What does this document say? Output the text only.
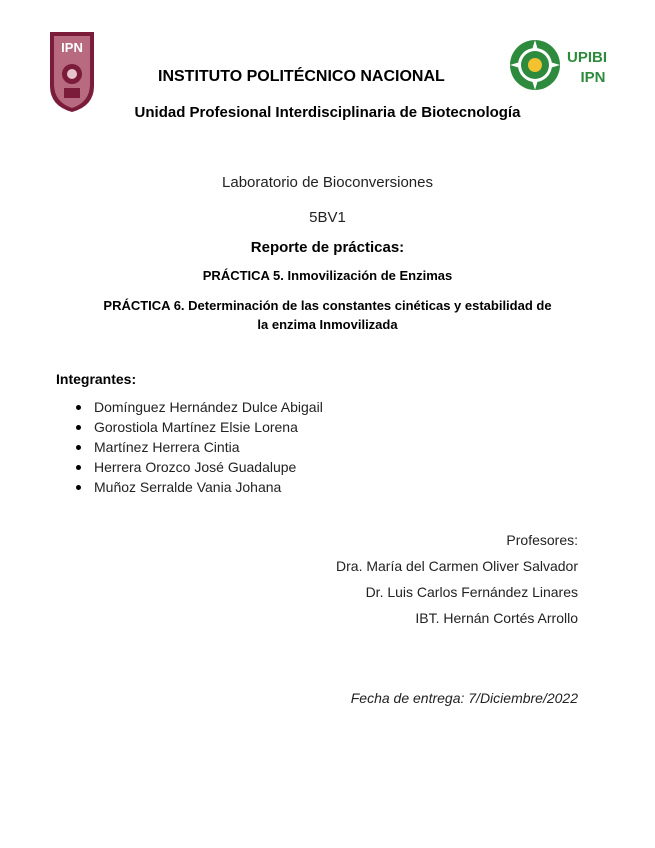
IPN
UPIBI
IPN
INSTITUTO POLITÉCNICO NACIONAL
Unidad Profesional Interdisciplinaria de Biotecnología
Laboratorio de Bioconversiones
5BV1
Reporte de prácticas:
PRÁCTICA 5. Inmovilización de Enzimas
PRÁCTICA 6. Determinación de las constantes cinéticas y estabilidad de
la enzima Inmovilizada
Integrantes:
Domínguez Hernández Dulce Abigail
Gorostiola Martínez Elsie Lorena
Martínez Herrera Cintia
Herrera Orozco José Guadalupe
Muñoz Serralde Vania Johana
Profesores:
Dra. María del Carmen Oliver Salvador
Dr. Luis Carlos Fernández Linares
IBT. Hernán Cortés Arrollo
Fecha de entrega: 7/Diciembre/2022
